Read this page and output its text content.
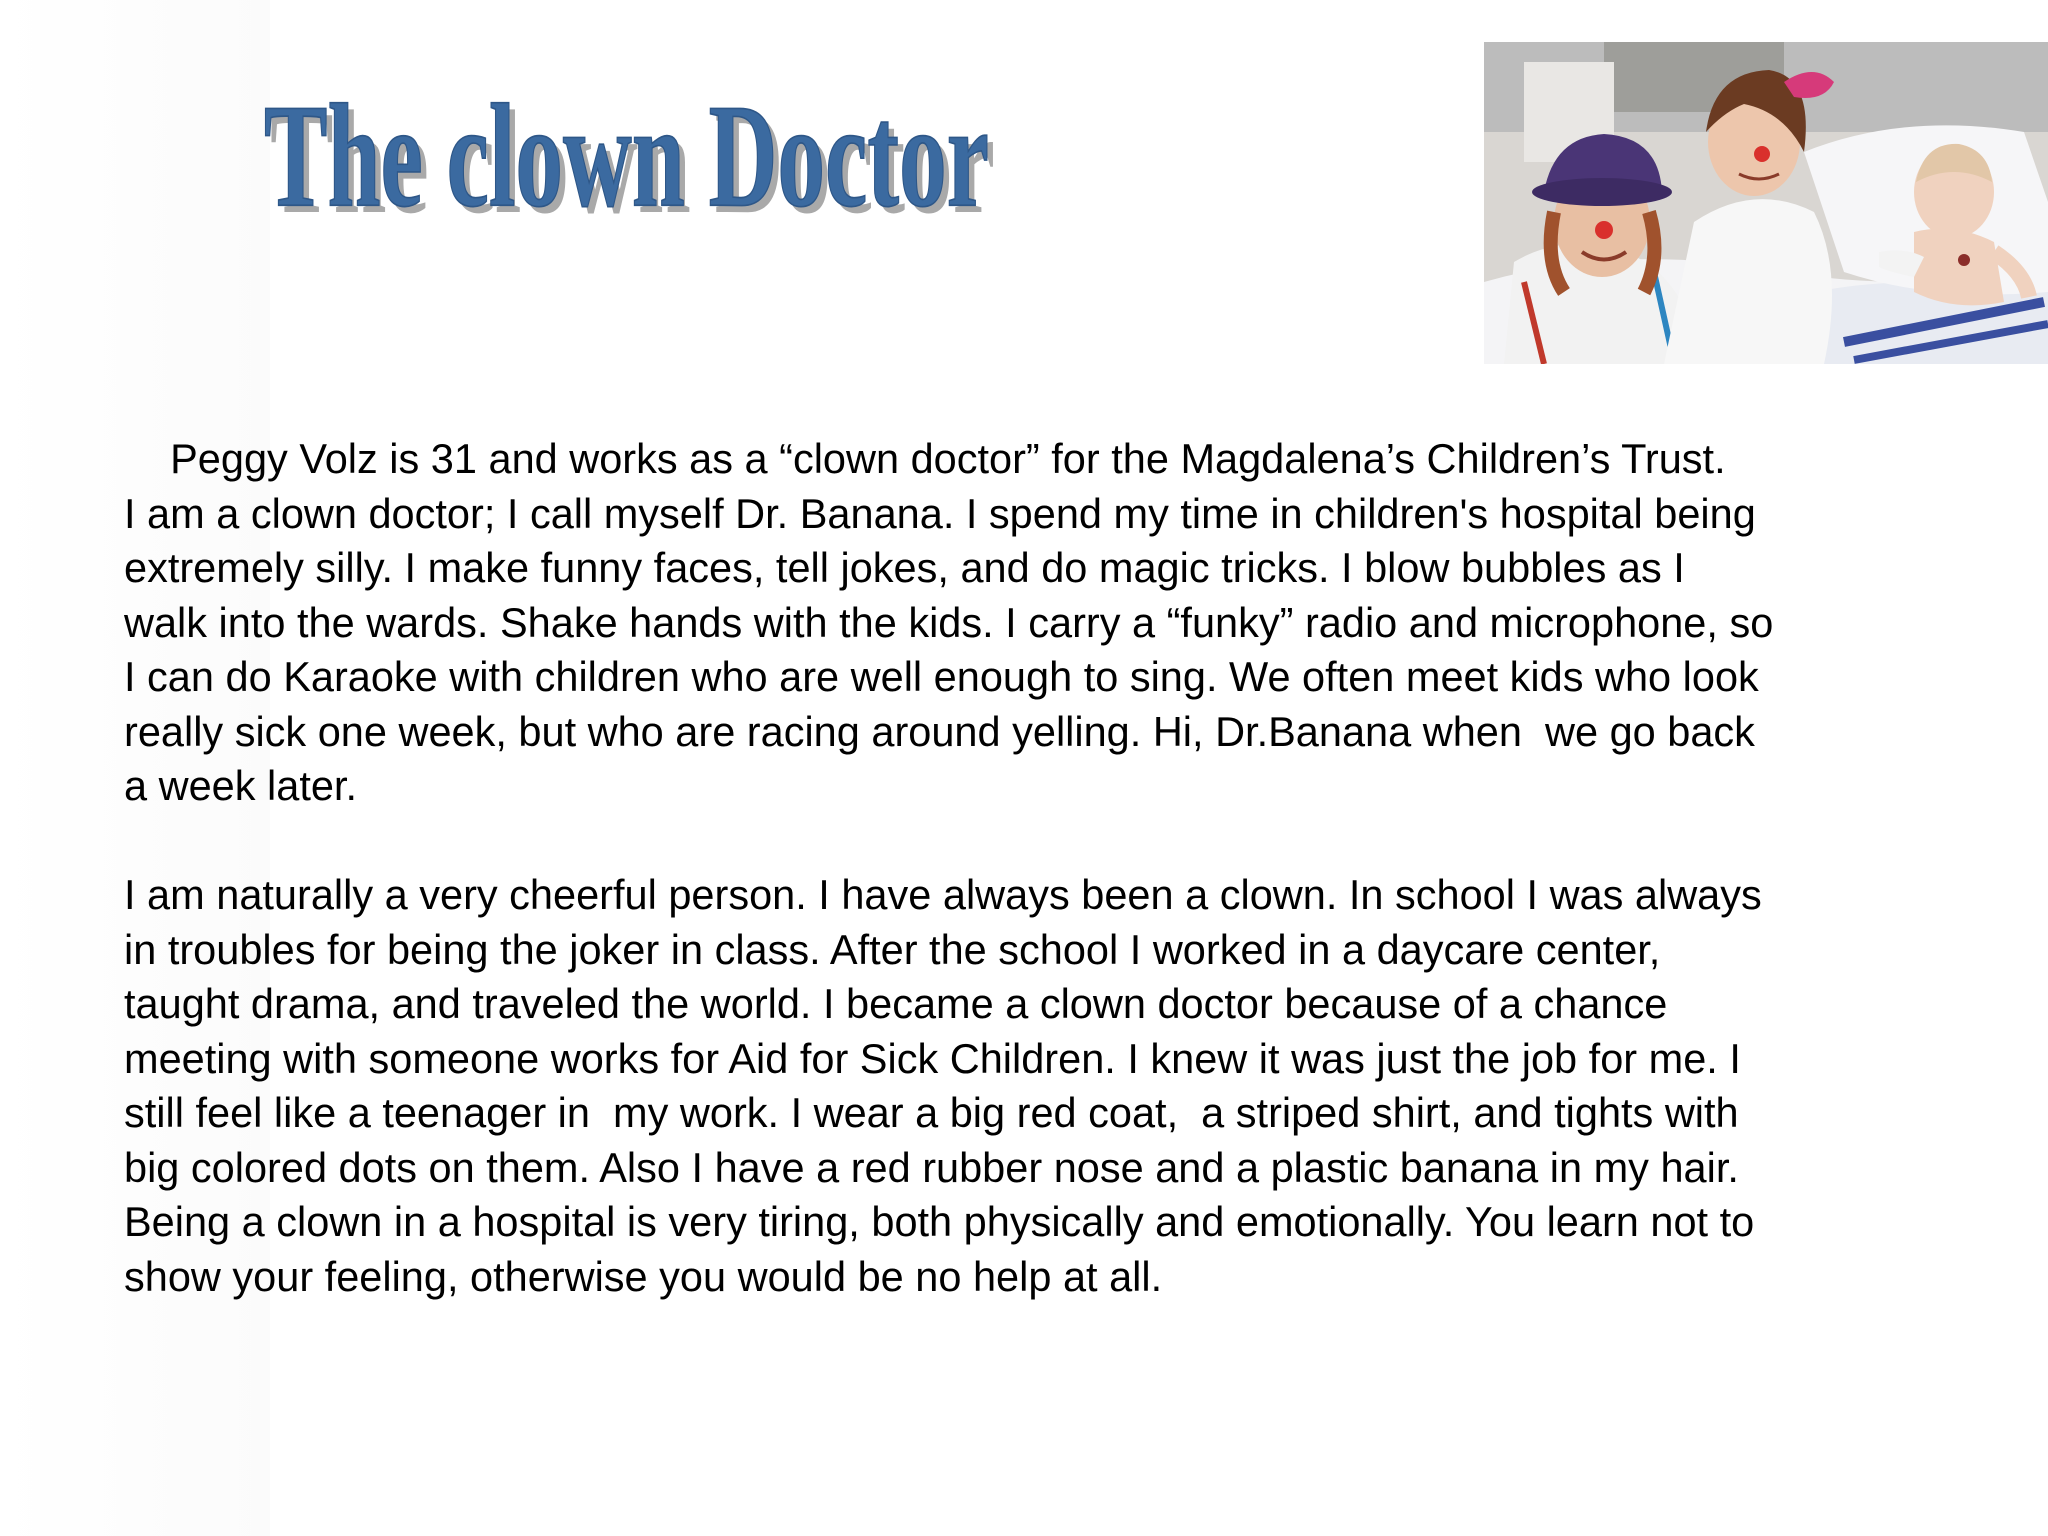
The clown Doctor
The clown Doctor
Peggy Volz is 31 and works as a “clown doctor” for the Magdalena’s Children’s Trust.
I am a clown doctor; I call myself Dr. Banana. I spend my time in children's hospital being
extremely silly. I make funny faces, tell jokes, and do magic tricks. I blow bubbles as I
walk into the wards. Shake hands with the kids. I carry a “funky” radio and microphone, so
I can do Karaoke with children who are well enough to sing. We often meet kids who look
really sick one week, but who are racing around yelling. Hi, Dr.Banana when  we go back
a week later.
I am naturally a very cheerful person. I have always been a clown. In school I was always
in troubles for being the joker in class. After the school I worked in a daycare center,
taught drama, and traveled the world. I became a clown doctor because of a chance
meeting with someone works for Aid for Sick Children. I knew it was just the job for me. I
still feel like a teenager in  my work. I wear a big red coat,  a striped shirt, and tights with
big colored dots on them. Also I have a red rubber nose and a plastic banana in my hair.
Being a clown in a hospital is very tiring, both physically and emotionally. You learn not to
show your feeling, otherwise you would be no help at all.
